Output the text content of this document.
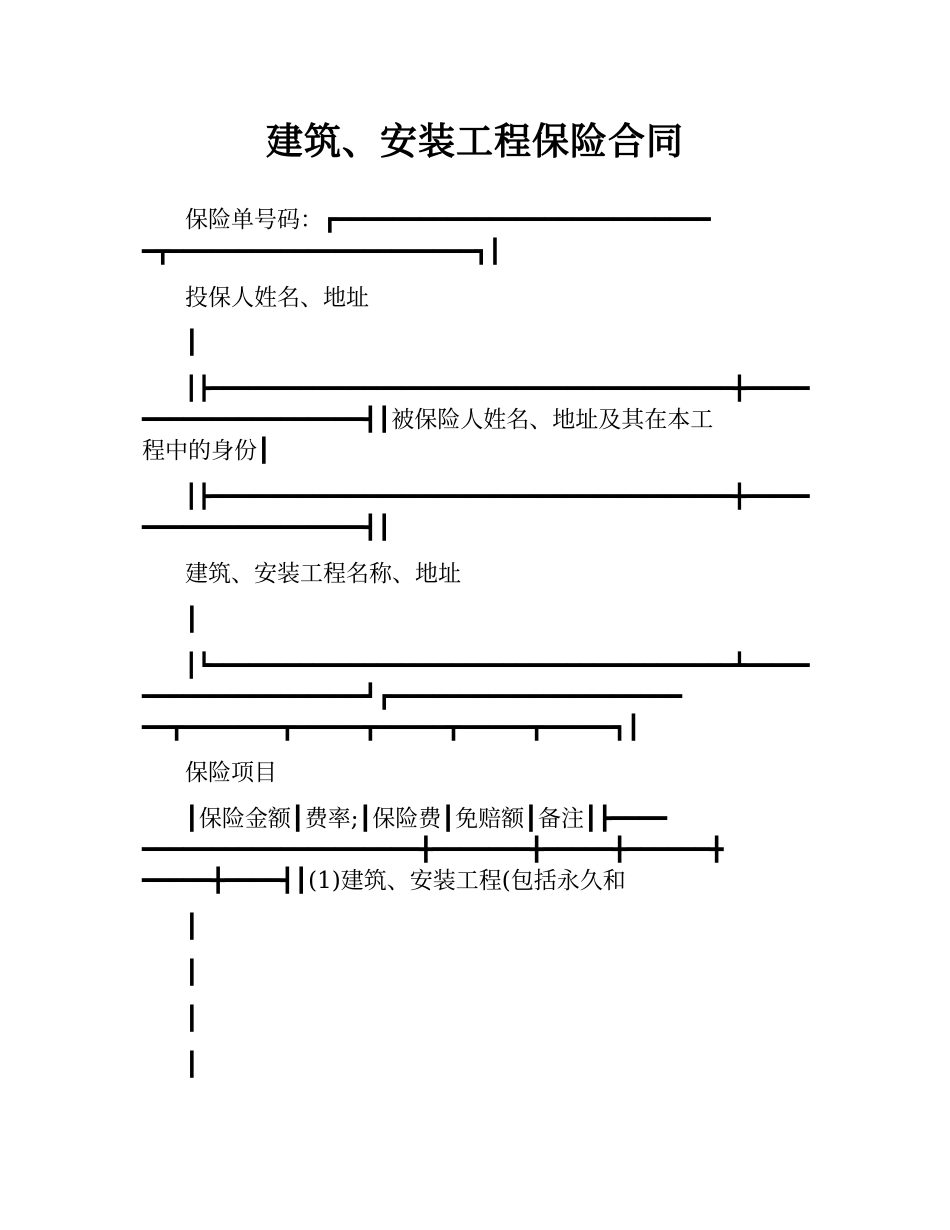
建筑、安装工程保险合同
保险单号码：┏━━━━━━━━━━━━━━━━━━━━━━━━━━━
━┳━━━━━━━━━━━━━━━━━━━━━━┓┃
投保人姓名、地址
┃
┃┣━━━━━━━━━━━━━━━━━━━━━━━━━━━━━━━━━━━━━━━━━╋━━━━━
━━━━━━━━━━━━━━━━┫┃被保险人姓名、地址及其在本工
程中的身份┃
┃┣━━━━━━━━━━━━━━━━━━━━━━━━━━━━━━━━━━━━━━━━━╋━━━━━
━━━━━━━━━━━━━━━━┫┃
建筑、安装工程名称、地址
┃
┃┗━━━━━━━━━━━━━━━━━━━━━━━━━━━━━━━━━━━━━━━━━┻━━━━━
━━━━━━━━━━━━━━━━┛┏━━━━━━━━━━━━━━━━━━━━━
━━┳━━━━━━━┳━━━━━┳━━━━━┳━━━━━┳━━━━━┓┃
保险项目
┃保险金额┃费率;┃保险费┃免赔额┃备注┃┣━━━━
━━━━━━━━━━━━━━━━━━━━╋━━━━━━━╋━━━━━╋━━━━━━╋
━━━━━╋━━━━┫┃(1)建筑、安装工程(包括永久和
┃
┃
┃
┃
